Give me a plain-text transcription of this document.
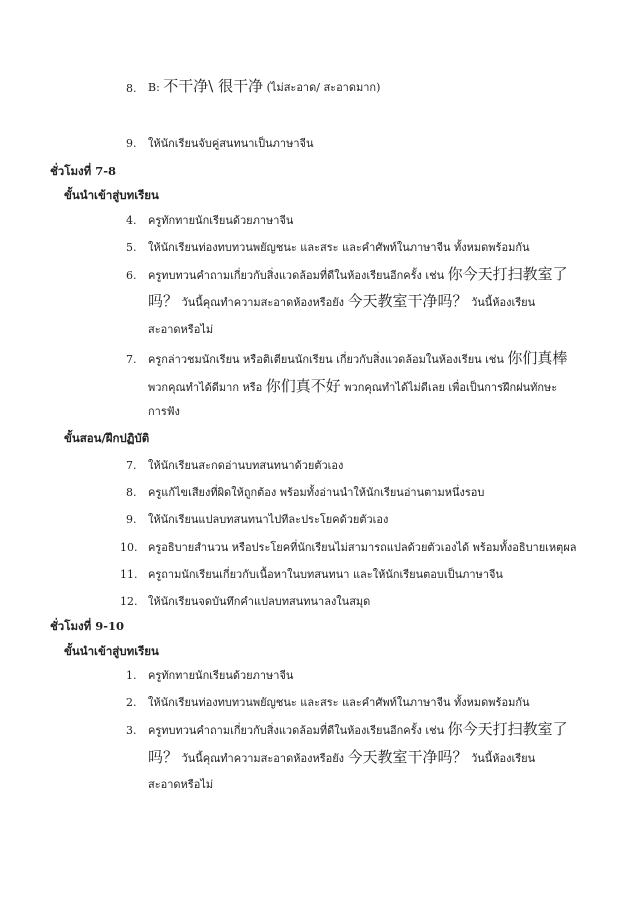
8. B: 不干净\ 很干净 (ไม่สะอาด/ สะอาดมาก)
9. ให้นักเรียนจับคู่สนทนาเป็นภาษาจีน
ชั่วโมงที่ 7-8
ขั้นนำเข้าสู่บทเรียน
4. ครูทักทายนักเรียนด้วยภาษาจีน
5. ให้นักเรียนท่องทบทวนพยัญชนะ และสระ และคำศัพท์ในภาษาจีน ทั้งหมดพร้อมกัน
6. ครูทบทวนคำถามเกี่ยวกับสิ่งแวดล้อมที่ดีในห้องเรียนอีกครั้ง เช่น 你今天打扫教室了
吗？ วันนี้คุณทำความสะอาดห้องหรือยัง 今天教室干净吗？ วันนี้ห้องเรียน
สะอาดหรือไม่
7. ครูกล่าวชมนักเรียน หรือติเตียนนักเรียน เกี่ยวกับสิ่งแวดล้อมในห้องเรียน เช่น 你们真棒
พวกคุณทำได้ดีมาก หรือ 你们真不好 พวกคุณทำได้ไม่ดีเลย เพื่อเป็นการฝึกฝนทักษะ
การฟัง
ขั้นสอน/ฝึกปฏิบัติ
7. ให้นักเรียนสะกดอ่านบทสนทนาด้วยตัวเอง
8. ครูแก้ไขเสียงที่ผิดให้ถูกต้อง พร้อมทั้งอ่านนำให้นักเรียนอ่านตามหนึ่งรอบ
9. ให้นักเรียนแปลบทสนทนาไปทีละประโยคด้วยตัวเอง
10. ครูอธิบายสำนวน หรือประโยคที่นักเรียนไม่สามารถแปลด้วยตัวเองได้ พร้อมทั้งอธิบายเหตุผล
11. ครูถามนักเรียนเกี่ยวกับเนื้อหาในบทสนทนา และให้นักเรียนตอบเป็นภาษาจีน
12. ให้นักเรียนจดบันทึกคำแปลบทสนทนาลงในสมุด
ชั่วโมงที่ 9-10
ขั้นนำเข้าสู่บทเรียน
1. ครูทักทายนักเรียนด้วยภาษาจีน
2. ให้นักเรียนท่องทบทวนพยัญชนะ และสระ และคำศัพท์ในภาษาจีน ทั้งหมดพร้อมกัน
3. ครูทบทวนคำถามเกี่ยวกับสิ่งแวดล้อมที่ดีในห้องเรียนอีกครั้ง เช่น 你今天打扫教室了
吗？ วันนี้คุณทำความสะอาดห้องหรือยัง 今天教室干净吗？ วันนี้ห้องเรียน
สะอาดหรือไม่
